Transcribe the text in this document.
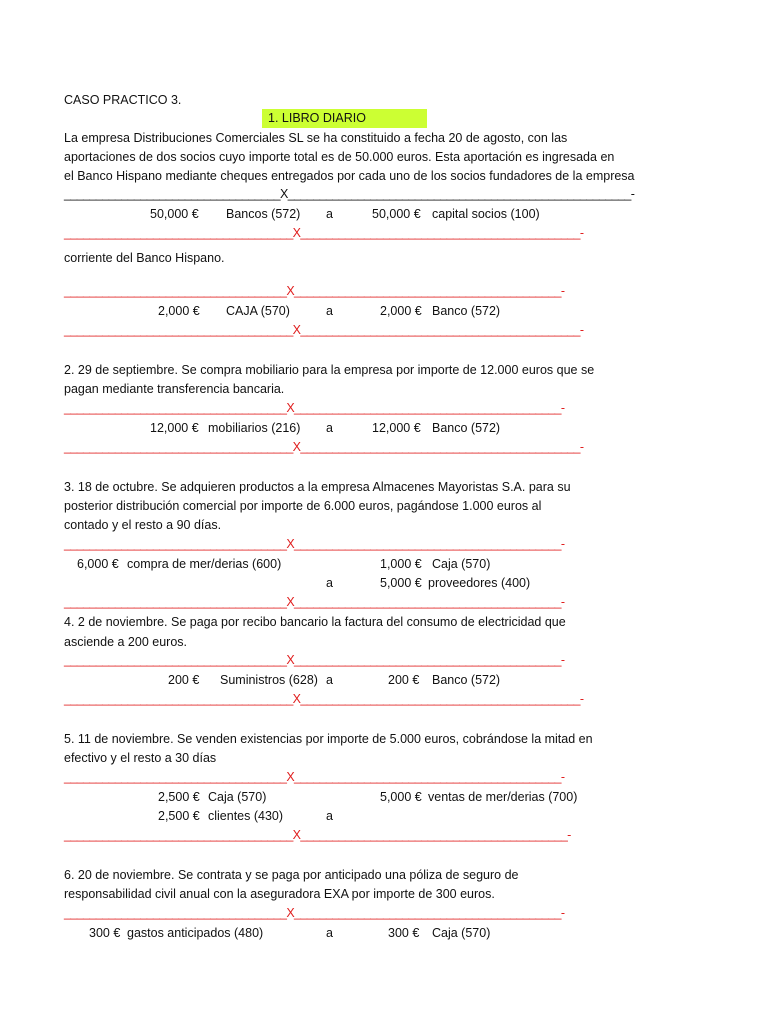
CASO PRACTICO 3.
1. LIBRO DIARIO
La empresa Distribuciones Comerciales SL se ha constituido a fecha 20 de agosto, con las
aportaciones de dos socios cuyo importe total es de 50.000 euros. Esta aportación es ingresada en
el Banco Hispano mediante cheques entregados por cada uno de los socios fundadores de la empresa
__________________________________X______________________________________________________-
50,000 € Bancos (572) a	50,000 € capital socios (100)
____________________________________X____________________________________________-
corriente del Banco Hispano.
___________________________________X__________________________________________-
2,000 € CAJA (570)	a	2,000 € Banco (572)
____________________________________X____________________________________________-
2. 29 de septiembre. Se compra mobiliario para la empresa por importe de 12.000 euros que se
pagan mediante transferencia bancaria.
___________________________________X__________________________________________-
12,000 € mobiliarios (216) a	12,000 € Banco (572)
____________________________________X____________________________________________-
3. 18 de octubre. Se adquieren productos a la empresa Almacenes Mayoristas S.A. para su
posterior distribución comercial por importe de 6.000 euros, pagándose 1.000 euros al
contado y el resto a 90 días.
___________________________________X__________________________________________-
6,000 € compra de mer/derias (600)	1,000 € Caja (570)
a	5,000 € proveedores (400)
___________________________________X__________________________________________-
4. 2 de noviembre. Se paga por recibo bancario la factura del consumo de electricidad que
asciende a 200 euros.
___________________________________X__________________________________________-
200 € Suministros (628) a	200 € Banco (572)
____________________________________X____________________________________________-
5. 11 de noviembre. Se venden existencias por importe de 5.000 euros, cobrándose la mitad en
efectivo y el resto a 30 días
___________________________________X__________________________________________-
2,500 € Caja (570)	5,000 € ventas de mer/derias (700)
2,500 € clientes (430)	a
____________________________________X__________________________________________-
6. 20 de noviembre. Se contrata y se paga por anticipado una póliza de seguro de
responsabilidad civil anual con la aseguradora EXA por importe de 300 euros.
___________________________________X__________________________________________-
300 € gastos anticipados (480)	a	300 € Caja (570)
